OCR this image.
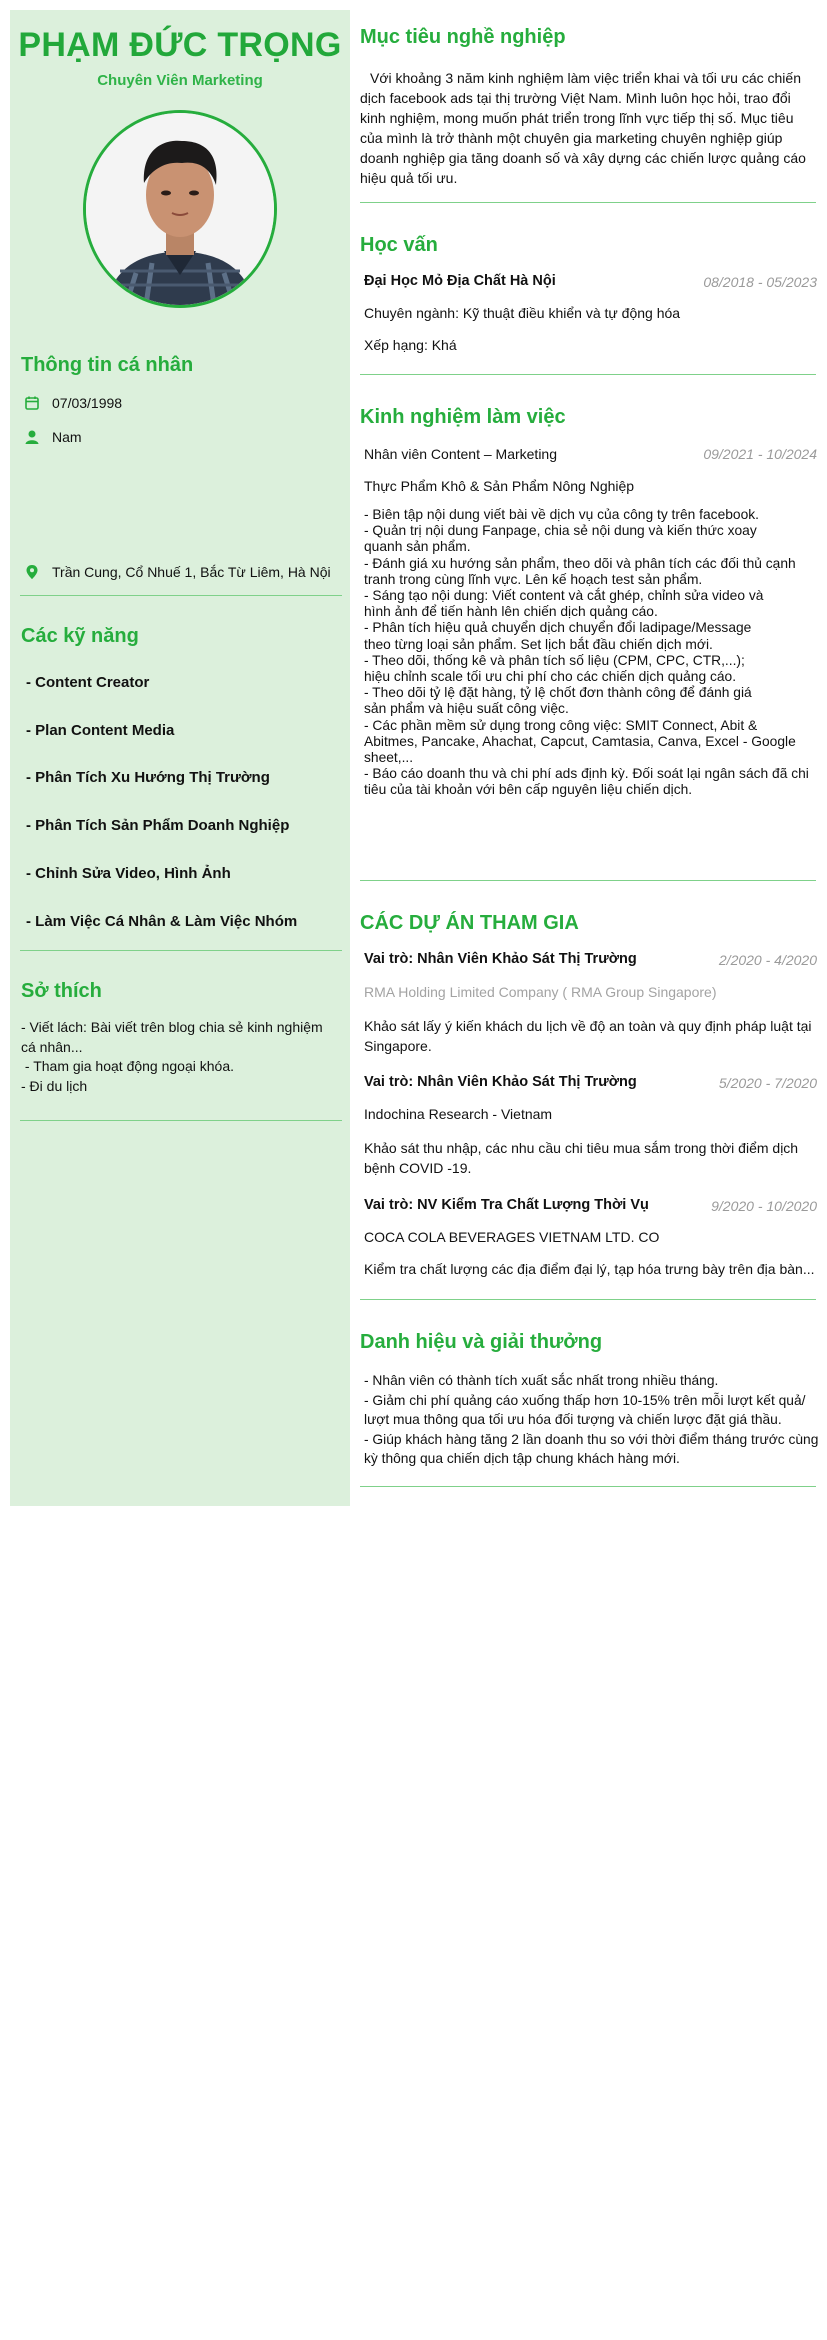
PHẠM ĐỨC TRỌNG
Chuyên Viên Marketing
Thông tin cá nhân
07/03/1998
Nam
Trần Cung, Cổ Nhuế 1, Bắc Từ Liêm, Hà Nội
Các kỹ năng
- Content Creator
- Plan Content Media
- Phân Tích Xu Hướng Thị Trường
- Phân Tích Sản Phẩm Doanh Nghiệp
- Chỉnh Sửa Video, Hình Ảnh
- Làm Việc Cá Nhân & Làm Việc Nhóm
Sở thích
- Viết lách: Bài viết trên blog chia sẻ kinh nghiệm cá nhân...
- Tham gia hoạt động ngoại khóa.
- Đi du lịch
Mục tiêu nghề nghiệp
Với khoảng 3 năm kinh nghiệm làm việc triển khai và tối ưu các chiến dịch facebook ads tại thị trường Việt Nam. Mình luôn học hỏi, trao đổi kinh nghiệm, mong muốn phát triển trong lĩnh vực tiếp thị số. Mục tiêu của mình là trở thành một chuyên gia marketing chuyên nghiệp giúp doanh nghiệp gia tăng doanh số và xây dựng các chiến lược quảng cáo hiệu quả tối ưu.
Học vấn
Đại Học Mỏ Địa Chất Hà Nội	08/2018 - 05/2023
Chuyên ngành: Kỹ thuật điều khiển và tự động hóa
Xếp hạng: Khá
Kinh nghiệm làm việc
Nhân viên Content – Marketing	09/2021 - 10/2024
Thực Phẩm Khô & Sản Phẩm Nông Nghiệp
- Biên tập nội dung viết bài về dịch vụ của công ty trên facebook.
- Quản trị nội dung Fanpage, chia sẻ nội dung và kiến thức xoay
quanh sản phẩm.
- Đánh giá xu hướng sản phẩm, theo dõi và phân tích các đối thủ cạnh
tranh trong cùng lĩnh vực. Lên kế hoạch test sản phẩm.
- Sáng tạo nội dung: Viết content và cắt ghép, chỉnh sửa video và
hình ảnh để tiến hành lên chiến dịch quảng cáo.
- Phân tích hiệu quả chuyển dịch chuyển đổi ladipage/Message
theo từng loại sản phẩm. Set lịch bắt đầu chiến dịch mới.
- Theo dõi, thống kê và phân tích số liệu (CPM, CPC, CTR,...);
hiệu chỉnh scale tối ưu chi phí cho các chiến dịch quảng cáo.
- Theo dõi tỷ lệ đặt hàng, tỷ lệ chốt đơn thành công để đánh giá
sản phẩm và hiệu suất công việc.
- Các phần mềm sử dụng trong công việc: SMIT Connect, Abit &
Abitmes, Pancake, Ahachat, Capcut, Camtasia, Canva, Excel - Google
sheet,...
- Báo cáo doanh thu và chi phí ads định kỳ. Đối soát lại ngân sách đã chi
tiêu của tài khoản với bên cấp nguyên liệu chiến dịch.
CÁC DỰ ÁN THAM GIA
Vai trò: Nhân Viên Khảo Sát Thị Trường	2/2020 - 4/2020
RMA Holding Limited Company ( RMA Group Singapore)
Khảo sát lấy ý kiến khách du lịch về độ an toàn và quy định pháp luật tại Singapore.
Vai trò: Nhân Viên Khảo Sát Thị Trường	5/2020 - 7/2020
Indochina Research - Vietnam
Khảo sát thu nhập, các nhu cầu chi tiêu mua sắm trong thời điểm dịch bệnh COVID -19.
Vai trò: NV Kiểm Tra Chất Lượng Thời Vụ	9/2020 - 10/2020
COCA COLA BEVERAGES VIETNAM LTD. CO
Kiểm tra chất lượng các địa điểm đại lý, tạp hóa trưng bày trên địa bàn...
Danh hiệu và giải thưởng
- Nhân viên có thành tích xuất sắc nhất trong nhiều tháng.
- Giảm chi phí quảng cáo xuống thấp hơn 10-15% trên mỗi lượt kết quả/
lượt mua thông qua tối ưu hóa đối tượng và chiến lược đặt giá thầu.
- Giúp khách hàng tăng 2 lần doanh thu so với thời điểm tháng trước cùng
kỳ thông qua chiến dịch tập chung khách hàng mới.
